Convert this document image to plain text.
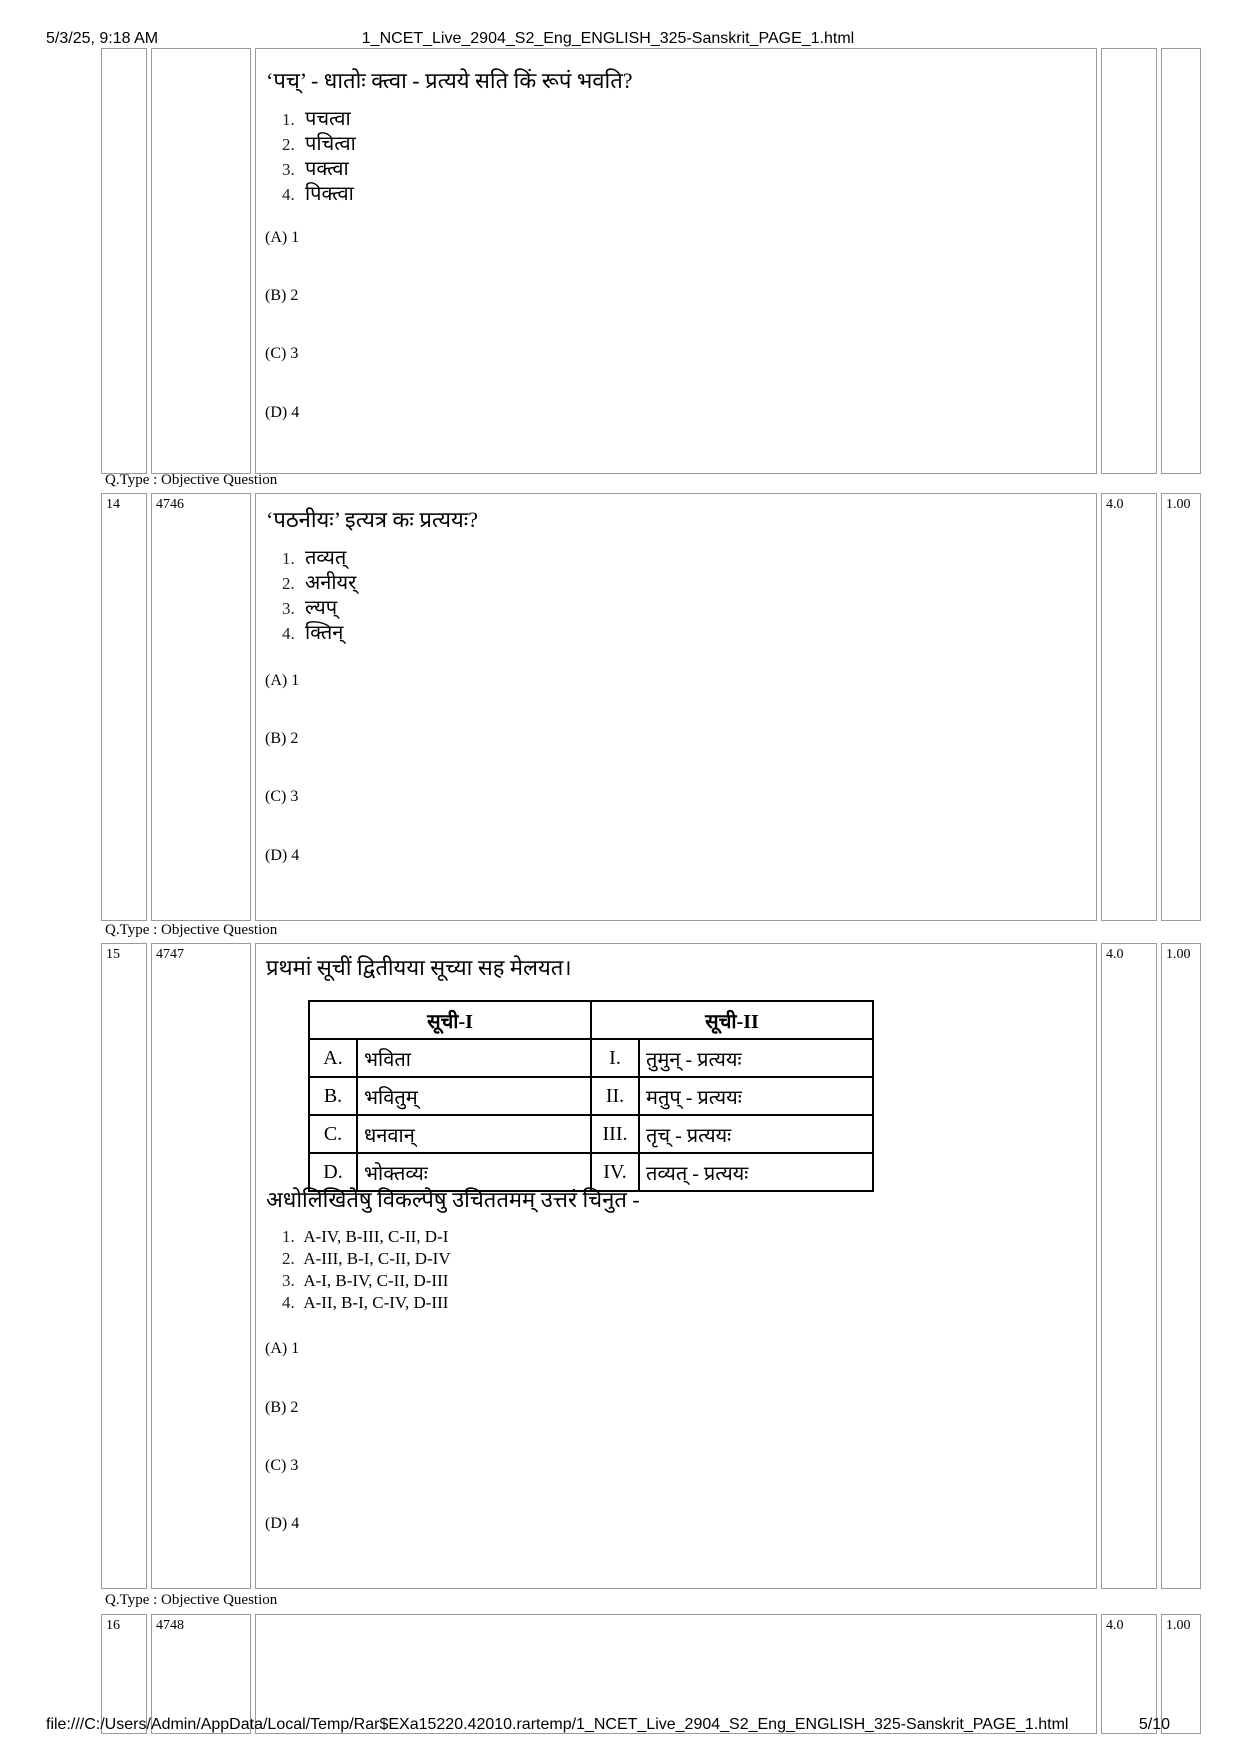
5/3/25, 9:18 AM	1_NCET_Live_2904_S2_Eng_ENGLISH_325-Sanskrit_PAGE_1.html
‘पच्’ - धातोः क्त्वा - प्रत्यये सति किं रूपं भवति?
1. पचत्वा
2. पचित्वा
3. पक्त्वा
4. पिक्त्वा
(A) 1
(B) 2
(C) 3
(D) 4
Q.Type : Objective Question
14	4746
‘पठनीयः’ इत्यत्र कः प्रत्ययः?
1. तव्यत्
2. अनीयर्
3. ल्यप्
4. क्तिन्
(A) 1
(B) 2
(C) 3
(D) 4
4.0	1.00
Q.Type : Objective Question
15	4747
प्रथमां सूचीं द्वितीयया सूच्या सह मेलयत।
सूची-I		सूची-II	
A.	भविता	I.	तुमुन् - प्रत्ययः
B.	भवितुम्	II.	मतुप् - प्रत्ययः
C.	धनवान्	III.	तृच् - प्रत्ययः
D.	भोक्तव्यः	IV.	तव्यत् - प्रत्ययः
अधोलिखितेषु विकल्पेषु उचिततमम् उत्तरं चिनुत -
1. A-IV, B-III, C-II, D-I
2. A-III, B-I, C-II, D-IV
3. A-I, B-IV, C-II, D-III
4. A-II, B-I, C-IV, D-III
(A) 1
(B) 2
(C) 3
(D) 4
4.0	1.00
Q.Type : Objective Question
16	4748	4.0	1.00
file:///C:/Users/Admin/AppData/Local/Temp/Rar$EXa15220.42010.rartemp/1_NCET_Live_2904_S2_Eng_ENGLISH_325-Sanskrit_PAGE_1.html	5/10
